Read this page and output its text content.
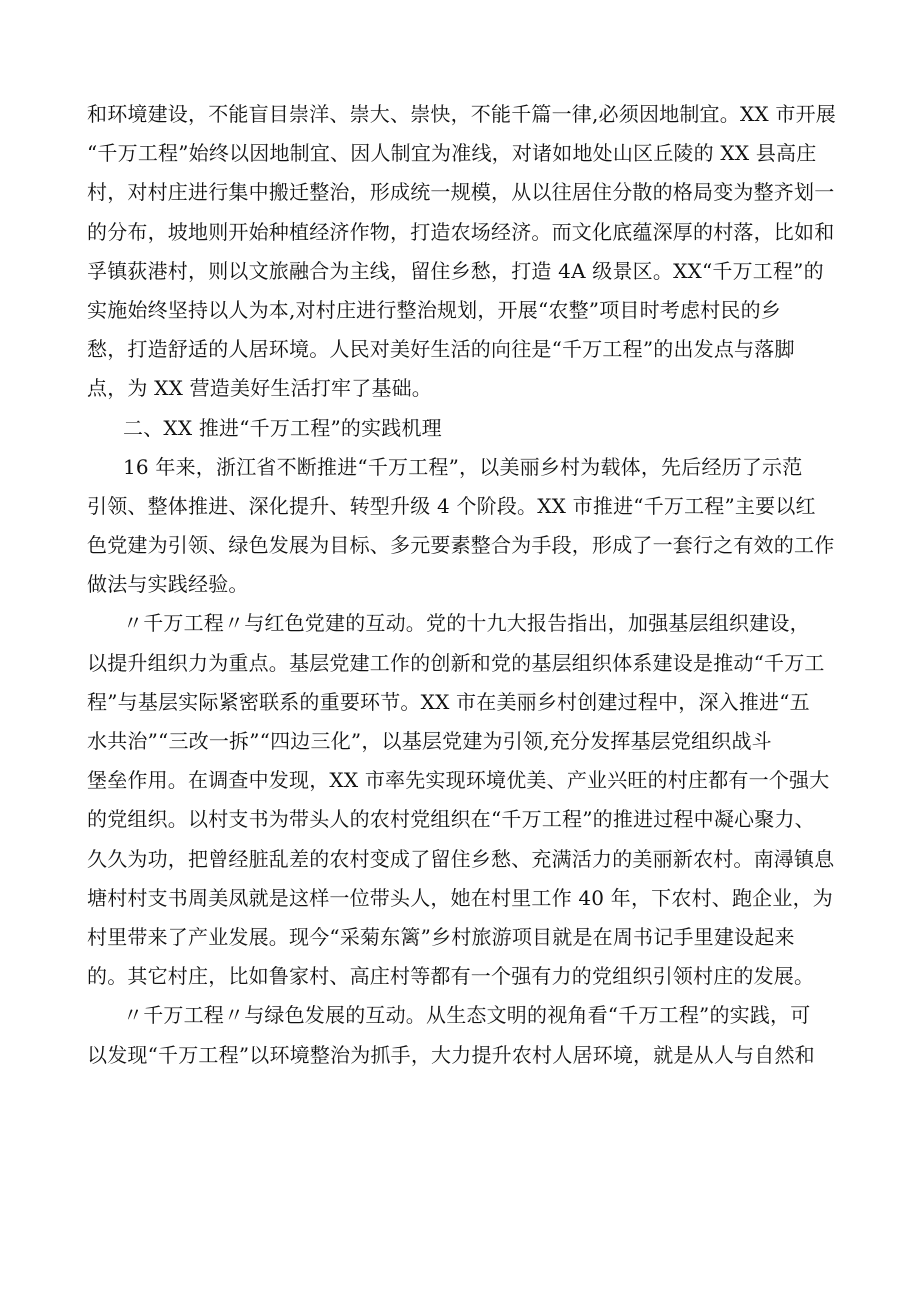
和环境建设，不能盲目崇洋、崇大、崇快，不能千篇一律,必须因地制宜。XX 市开展
“千万工程”始终以因地制宜、因人制宜为准线，对诸如地处山区丘陵的 XX 县高庄
村，对村庄进行集中搬迁整治，形成统一规模，从以往居住分散的格局变为整齐划一
的分布，坡地则开始种植经济作物，打造农场经济。而文化底蕴深厚的村落，比如和
孚镇荻港村，则以文旅融合为主线，留住乡愁，打造 4A 级景区。XX“千万工程”的
实施始终坚持以人为本,对村庄进行整治规划，开展“农整”项目时考虑村民的乡
愁，打造舒适的人居环境。人民对美好生活的向往是“千万工程”的出发点与落脚
点，为 XX 营造美好生活打牢了基础。
二、XX 推进“千万工程”的实践机理
16 年来，浙江省不断推进“千万工程”，以美丽乡村为载体，先后经历了示范
引领、整体推进、深化提升、转型升级 4 个阶段。XX 市推进“千万工程”主要以红
色党建为引领、绿色发展为目标、多元要素整合为手段，形成了一套行之有效的工作
做法与实践经验。
〃千万工程〃与红色党建的互动。党的十九大报告指出，加强基层组织建设，
以提升组织力为重点。基层党建工作的创新和党的基层组织体系建设是推动“千万工
程”与基层实际紧密联系的重要环节。XX 市在美丽乡村创建过程中，深入推进“五
水共治”“三改一拆”“四边三化”，以基层党建为引领,充分发挥基层党组织战斗
堡垒作用。在调查中发现，XX 市率先实现环境优美、产业兴旺的村庄都有一个强大
的党组织。以村支书为带头人的农村党组织在“千万工程”的推进过程中凝心聚力、
久久为功，把曾经脏乱差的农村变成了留住乡愁、充满活力的美丽新农村。南潯镇息
塘村村支书周美凤就是这样一位带头人，她在村里工作 40 年，下农村、跑企业，为
村里带来了产业发展。现今“采菊东篱”乡村旅游项目就是在周书记手里建设起来
的。其它村庄，比如鲁家村、高庄村等都有一个强有力的党组织引领村庄的发展。
〃千万工程〃与绿色发展的互动。从生态文明的视角看“千万工程”的实践，可
以发现“千万工程”以环境整治为抓手，大力提升农村人居环境，就是从人与自然和
